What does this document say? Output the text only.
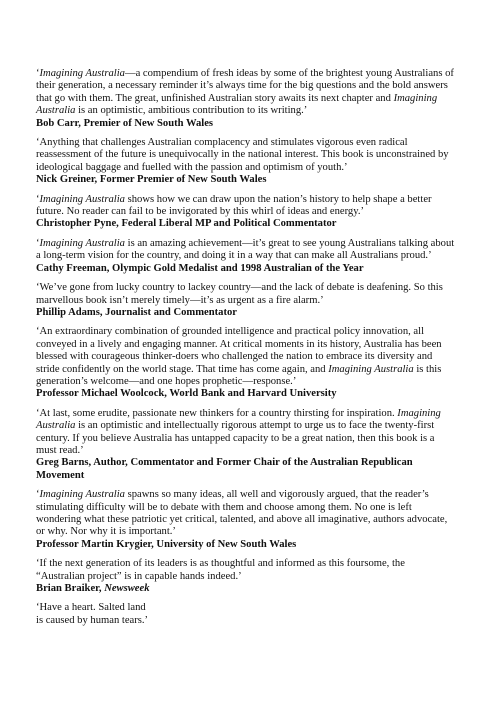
‘Imagining Australia—a compendium of fresh ideas by some of the brightest young Australians of their generation, a necessary reminder it’s always time for the big questions and the bold answers that go with them. The great, unfinished Australian story awaits its next chapter and Imagining Australia is an optimistic, ambitious contribution to its writing.’

Bob Carr, Premier of New South Wales

‘Anything that challenges Australian complacency and stimulates vigorous even radical reassessment of the future is unequivocally in the national interest. This book is unconstrained by ideological baggage and fuelled with the passion and optimism of youth.’

Nick Greiner, Former Premier of New South Wales

‘Imagining Australia shows how we can draw upon the nation’s history to help shape a better future. No reader can fail to be invigorated by this whirl of ideas and energy.’

Christopher Pyne, Federal Liberal MP and Political Commentator

‘Imagining Australia is an amazing achievement—it’s great to see young Australians talking about a long-term vision for the country, and doing it in a way that can make all Australians proud.’

Cathy Freeman, Olympic Gold Medalist and 1998 Australian of the Year

‘We’ve gone from lucky country to lackey country—and the lack of debate is deafening. So this marvellous book isn’t merely timely—it’s as urgent as a fire alarm.’

Phillip Adams, Journalist and Commentator

‘An extraordinary combination of grounded intelligence and practical policy innovation, all conveyed in a lively and engaging manner. At critical moments in its history, Australia has been blessed with courageous thinker-doers who challenged the nation to embrace its diversity and stride confidently on the world stage. That time has come again, and Imagining Australia is this generation’s welcome—and one hopes prophetic—response.’

Professor Michael Woolcock, World Bank and Harvard University

‘At last, some erudite, passionate new thinkers for a country thirsting for inspiration. Imagining Australia is an optimistic and intellectually rigorous attempt to urge us to face the twenty-first century. If you believe Australia has untapped capacity to be a great nation, then this book is a must read.’

Greg Barns, Author, Commentator and Former Chair of the Australian Republican Movement

‘Imagining Australia spawns so many ideas, all well and vigorously argued, that the reader’s stimulating difficulty will be to debate with them and choose among them. No one is left wondering what these patriotic yet critical, talented, and above all imaginative, authors advocate, or why. Nor why it is important.’

Professor Martin Krygier, University of New South Wales

‘If the next generation of its leaders is as thoughtful and informed as this foursome, the “Australian project” is in capable hands indeed.’

Brian Braiker, Newsweek

‘Have a heart. Salted land
is caused by human tears.’
